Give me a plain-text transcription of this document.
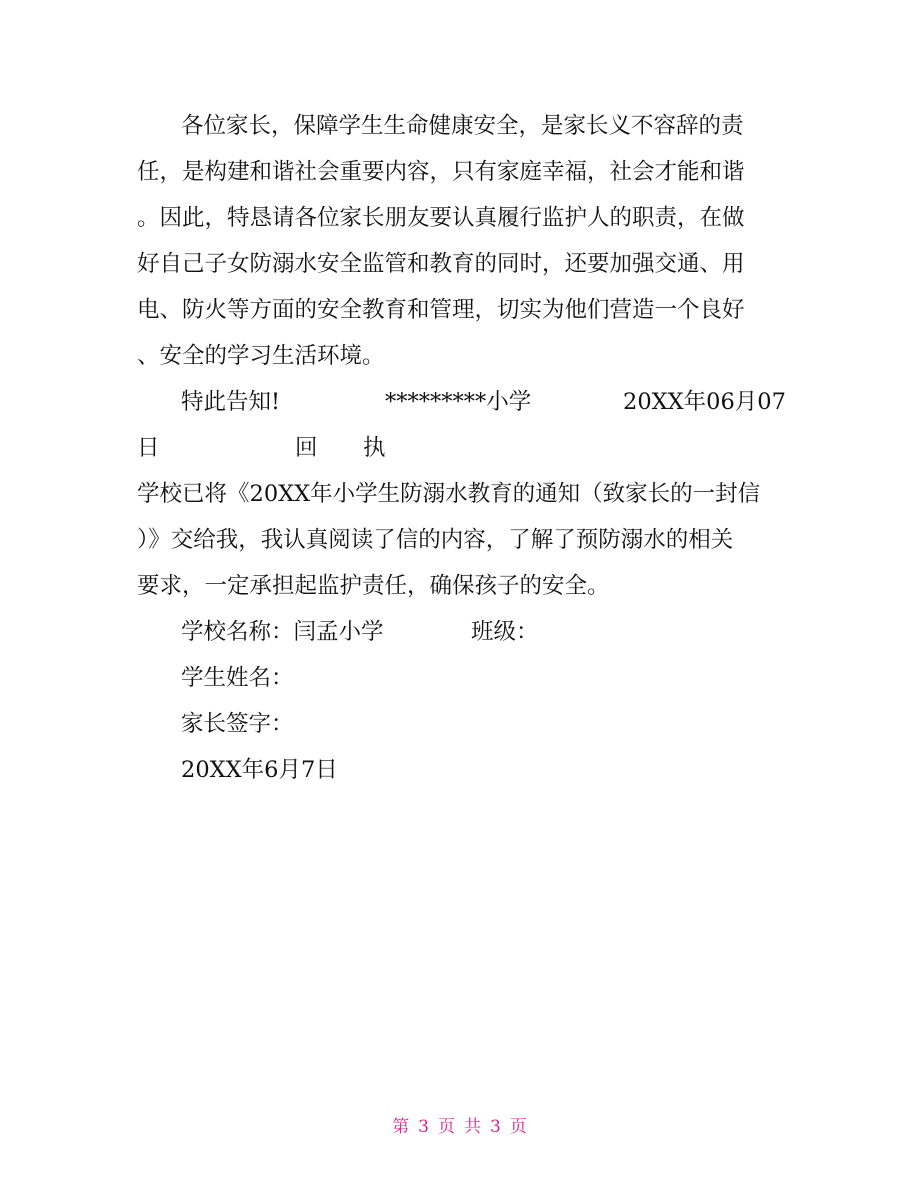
各位家长，保障学生生命健康安全，是家长义不容辞的责
任，是构建和谐社会重要内容，只有家庭幸福，社会才能和谐
。因此，特恳请各位家长朋友要认真履行监护人的职责，在做
好自己子女防溺水安全监管和教育的同时，还要加强交通、用
电、防火等方面的安全教育和管理，切实为他们营造一个良好
、安全的学习生活环境。
特此告知!	*********小学	20XX年06月07
日	回 执
学校已将《20XX年小学生防溺水教育的通知（致家长的一封信
）》交给我，我认真阅读了信的内容，了解了预防溺水的相关
要求，一定承担起监护责任，确保孩子的安全。
学校名称：闫孟小学	班级：
学生姓名：
家长签字：
20XX年6月7日
第 3 页 共 3 页
